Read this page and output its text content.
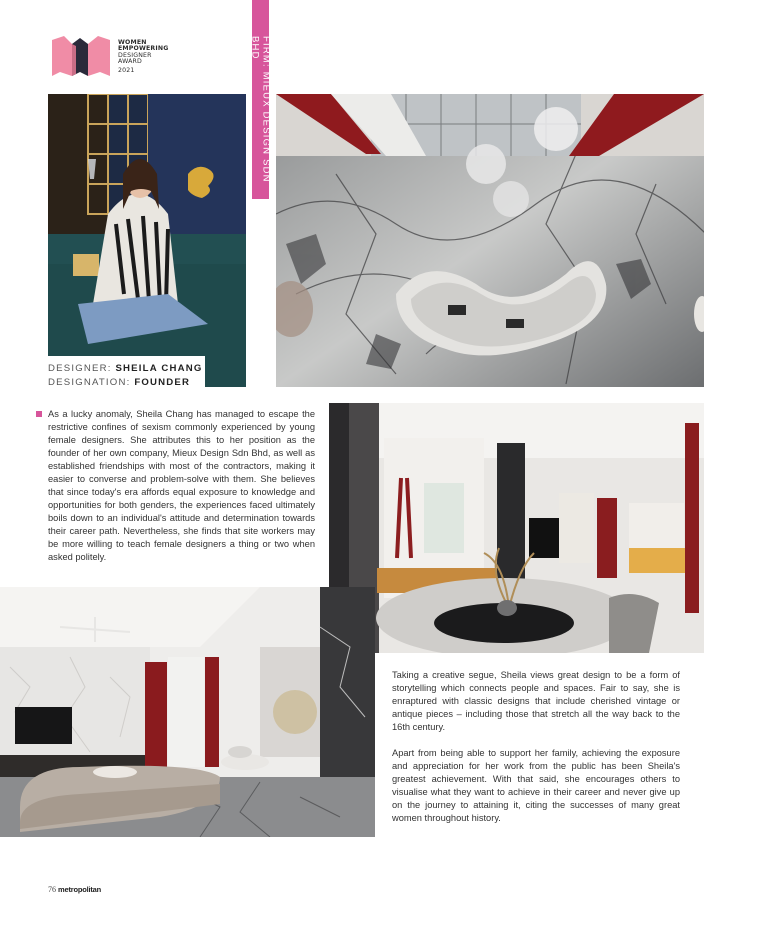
WOMEN
EMPOWERING
DESIGNER
AWARD
2021	FIRM: MIEUX DESIGN SDN BHD
DESIGNER: SHEILA CHANG
DESIGNATION: FOUNDER
As a lucky anomaly, Sheila Chang has managed to escape the restrictive confines of sexism commonly experienced by young female designers. She attributes this to her position as the founder of her own company, Mieux Design Sdn Bhd, as well as established friendships with most of the contractors, making it easier to converse and problem-solve with them. She believes that since today's era affords equal exposure to knowledge and opportunities for both genders, the experiences faced ultimately boils down to an individual's attitude and determination towards their career path. Nevertheless, she finds that site workers may be more willing to teach female designers a thing or two when asked politely.

Taking a creative segue, Sheila views great design to be a form of storytelling which connects people and spaces. Fair to say, she is enraptured with classic designs that include cherished vintage or antique pieces – including those that stretch all the way back to the 16th century.

Apart from being able to support her family, achieving the exposure and appreciation for her work from the public has been Sheila's greatest achievement. With that said, she encourages others to visualise what they want to achieve in their career and never give up on the journey to attaining it, citing the successes of many great women throughout history.

76 metropolitan
